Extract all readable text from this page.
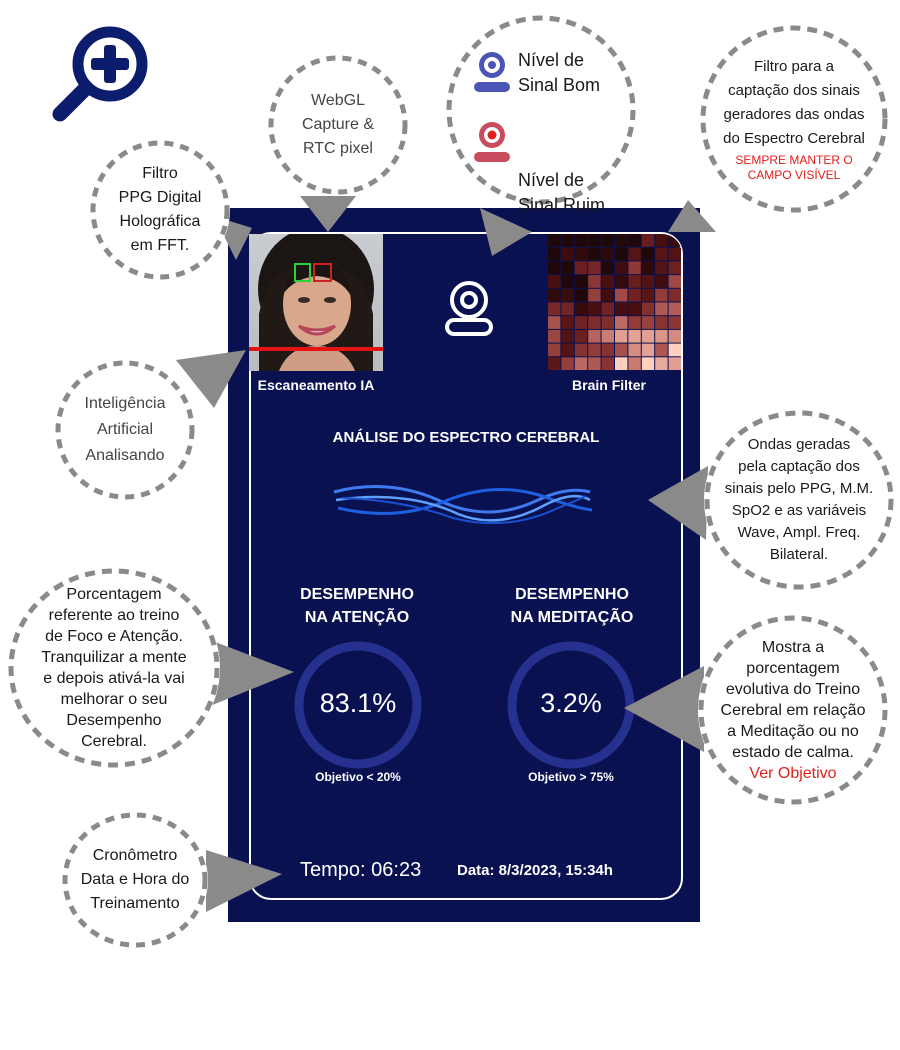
Escaneamento IA	Brain Filter
ANÁLISE DO ESPECTRO CEREBRAL
DESEMPENHO
NA ATENÇÃO
83.1%
Objetivo < 20%
DESEMPENHO
NA MEDITAÇÃO
3.2%
Objetivo > 75%
Tempo: 06:23 Data: 8/3/2023, 15:34h
WebGL
Capture &
RTC pixel
Filtro
PPG Digital
Holográfica
em FFT.
Nível de
Sinal Bom
Nível de
Sinal Ruim
Filtro para a
captação dos sinais
geradores das ondas
do Espectro Cerebral
SEMPRE MANTER O
CAMPO VISÍVEL
Inteligência
Artificial
Analisando
Ondas geradas
pela captação dos
sinais pelo PPG, M.M.
SpO2 e as variáveis
Wave, Ampl. Freq.
Bilateral.
Porcentagem
referente ao treino
de Foco e Atenção.
Tranquilizar a mente
e depois ativá-la vai
melhorar o seu
Desempenho
Cerebral.
Mostra a
porcentagem
evolutiva do Treino
Cerebral em relação
a Meditação ou no
estado de calma.
Ver Objetivo
Cronômetro
Data e Hora do
Treinamento
